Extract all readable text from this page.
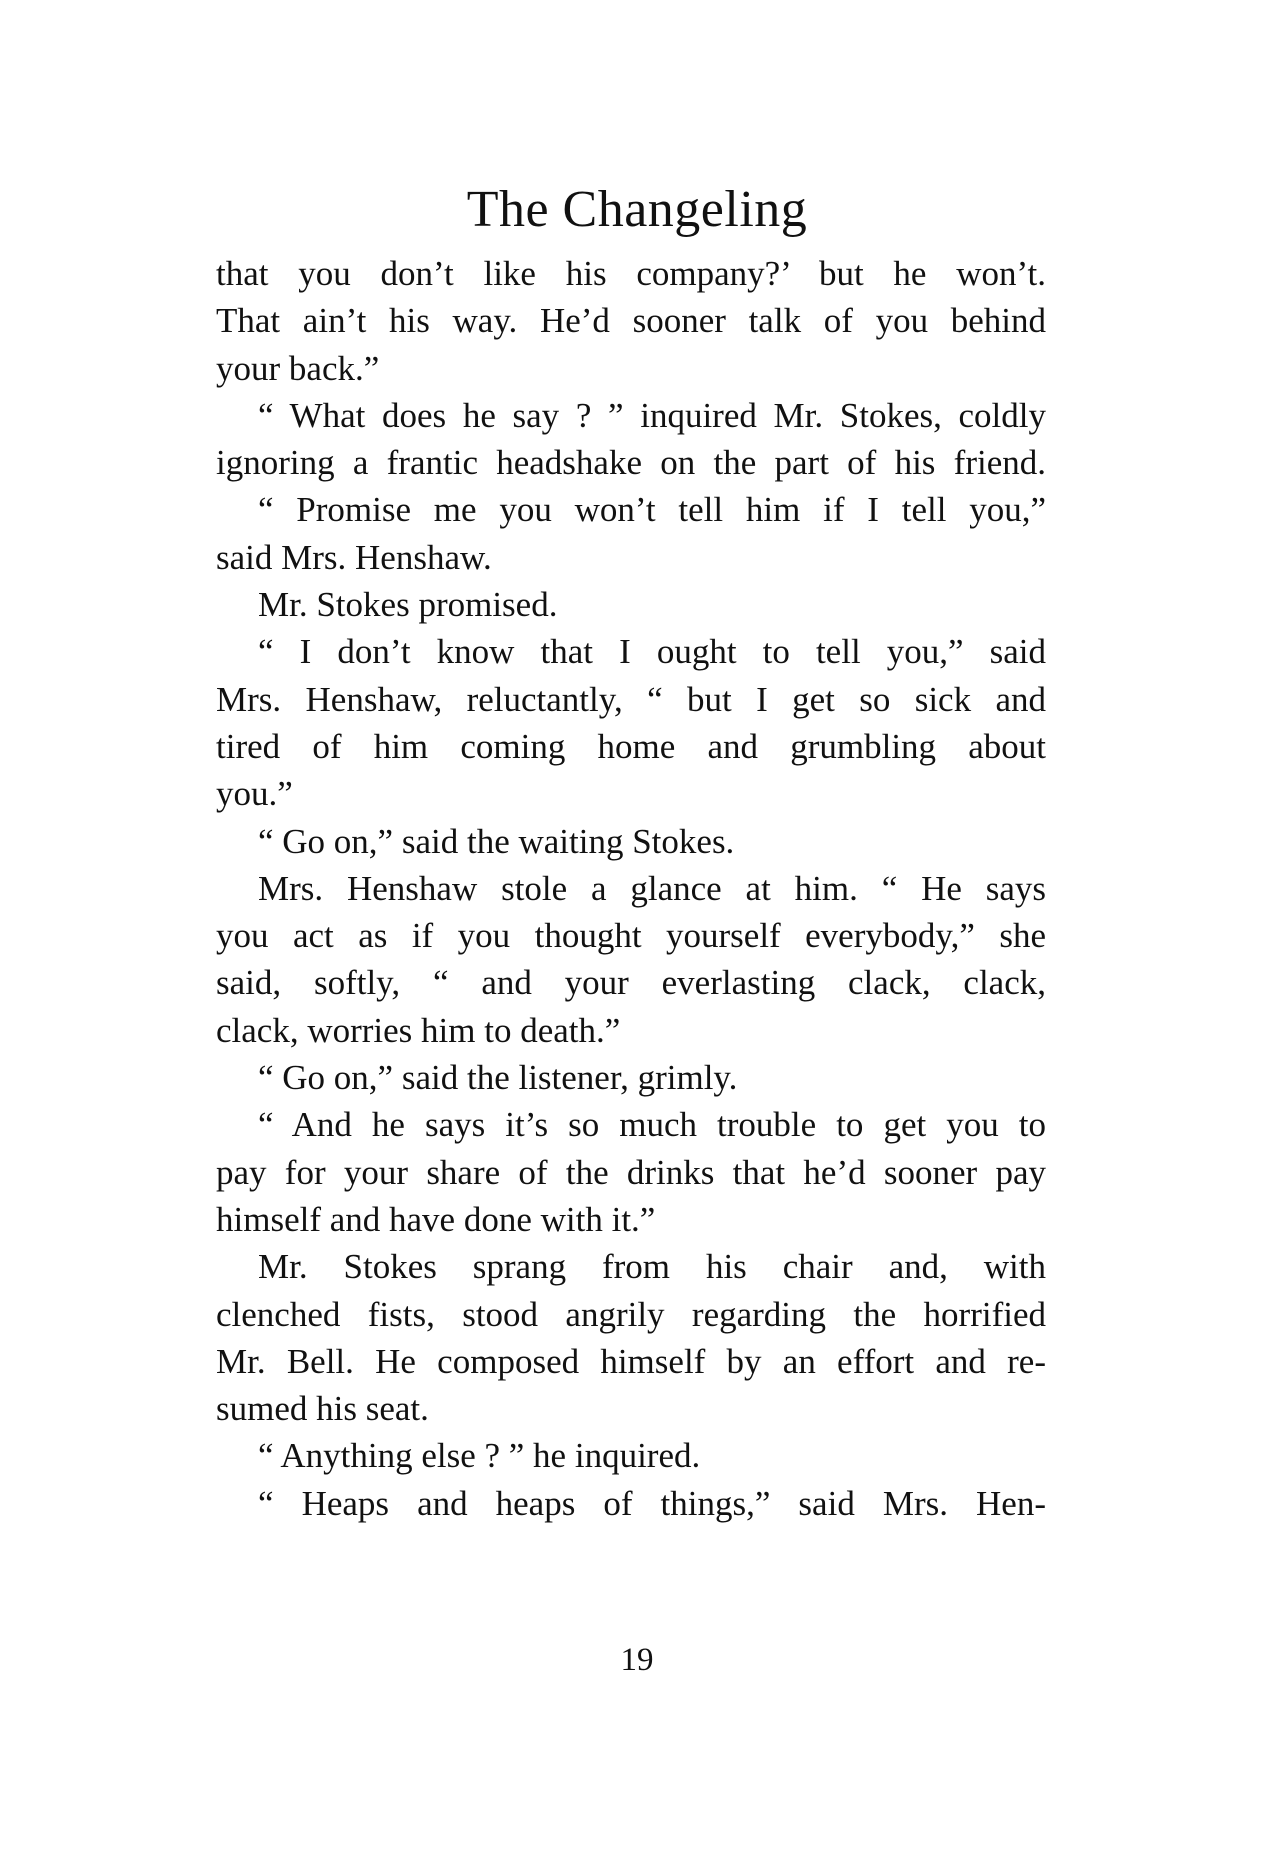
The Changeling
that you don’t like his company?’ but he won’t.
That ain’t his way. He’d sooner talk of you behind
your back.”
“ What does he say ? ” inquired Mr. Stokes, coldly
ignoring a frantic headshake on the part of his friend.
“ Promise me you won’t tell him if I tell you,”
said Mrs. Henshaw.
Mr. Stokes promised.
“ I don’t know that I ought to tell you,” said
Mrs. Henshaw, reluctantly, “ but I get so sick and
tired of him coming home and grumbling about
you.”
“ Go on,” said the waiting Stokes.
Mrs. Henshaw stole a glance at him. “ He says
you act as if you thought yourself everybody,” she
said, softly, “ and your everlasting clack, clack,
clack, worries him to death.”
“ Go on,” said the listener, grimly.
“ And he says it’s so much trouble to get you to
pay for your share of the drinks that he’d sooner pay
himself and have done with it.”
Mr. Stokes sprang from his chair and, with
clenched fists, stood angrily regarding the horrified
Mr. Bell. He composed himself by an effort and re-
sumed his seat.
“ Anything else ? ” he inquired.
“ Heaps and heaps of things,” said Mrs. Hen-
19
